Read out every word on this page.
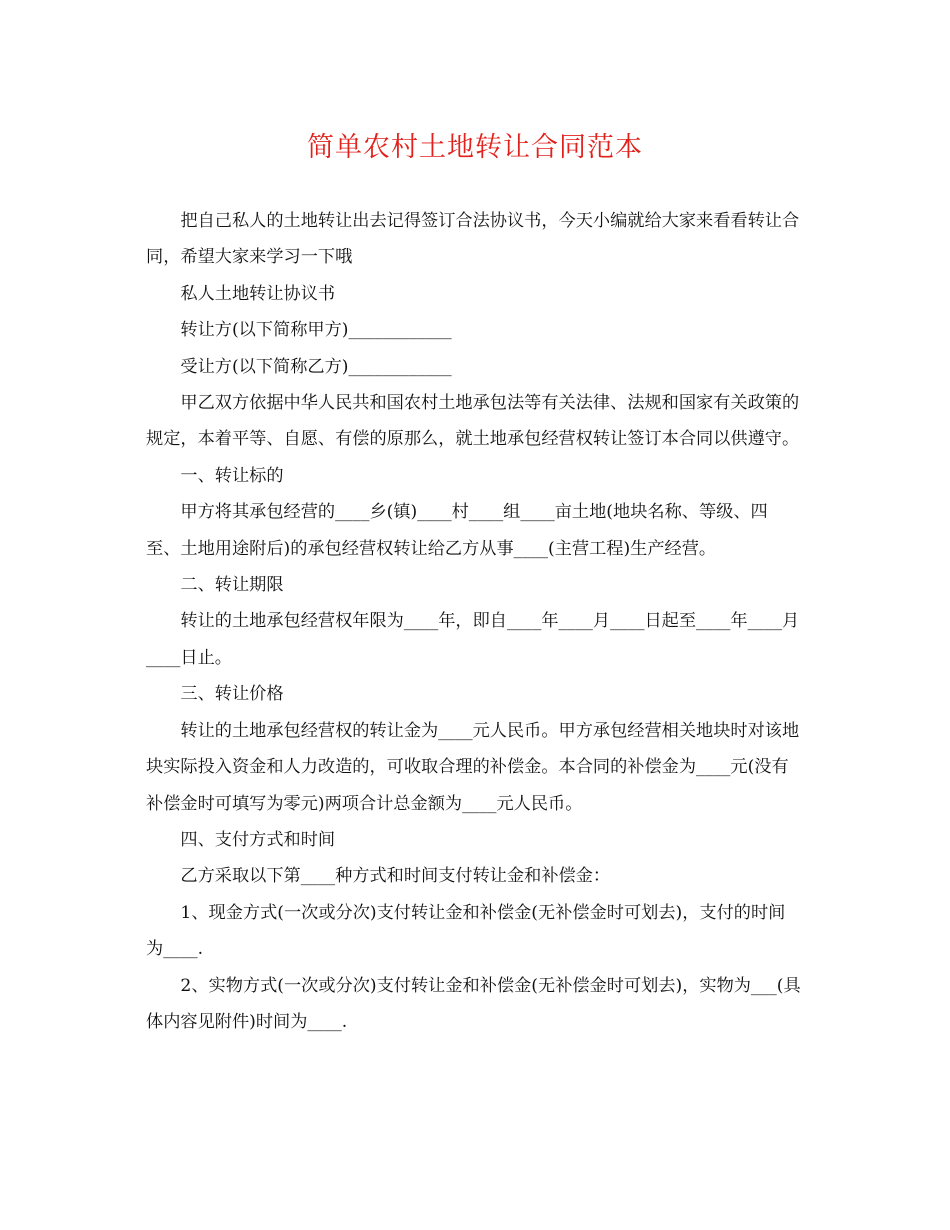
简单农村土地转让合同范本

把自己私人的土地转让出去记得签订合法协议书，今天小编就给大家来看看转让合同，希望大家来学习一下哦

私人土地转让协议书

转让方(以下简称甲方)____________

受让方(以下简称乙方)____________

甲乙双方依据中华人民共和国农村土地承包法等有关法律、法规和国家有关政策的规定，本着平等、自愿、有偿的原那么，就土地承包经营权转让签订本合同以供遵守。

一、转让标的

甲方将其承包经营的____乡(镇)____村____组____亩土地(地块名称、等级、四至、土地用途附后)的承包经营权转让给乙方从事____(主营工程)生产经营。

二、转让期限

转让的土地承包经营权年限为____年，即自____年____月____日起至____年____月____日止。

三、转让价格

转让的土地承包经营权的转让金为____元人民币。甲方承包经营相关地块时对该地块实际投入资金和人力改造的，可收取合理的补偿金。本合同的补偿金为____元(没有补偿金时可填写为零元)两项合计总金额为____元人民币。

四、支付方式和时间

乙方采取以下第____种方式和时间支付转让金和补偿金：

1、现金方式(一次或分次)支付转让金和补偿金(无补偿金时可划去)，支付的时间为____.

2、实物方式(一次或分次)支付转让金和补偿金(无补偿金时可划去)，实物为___(具体内容见附件)时间为____.
